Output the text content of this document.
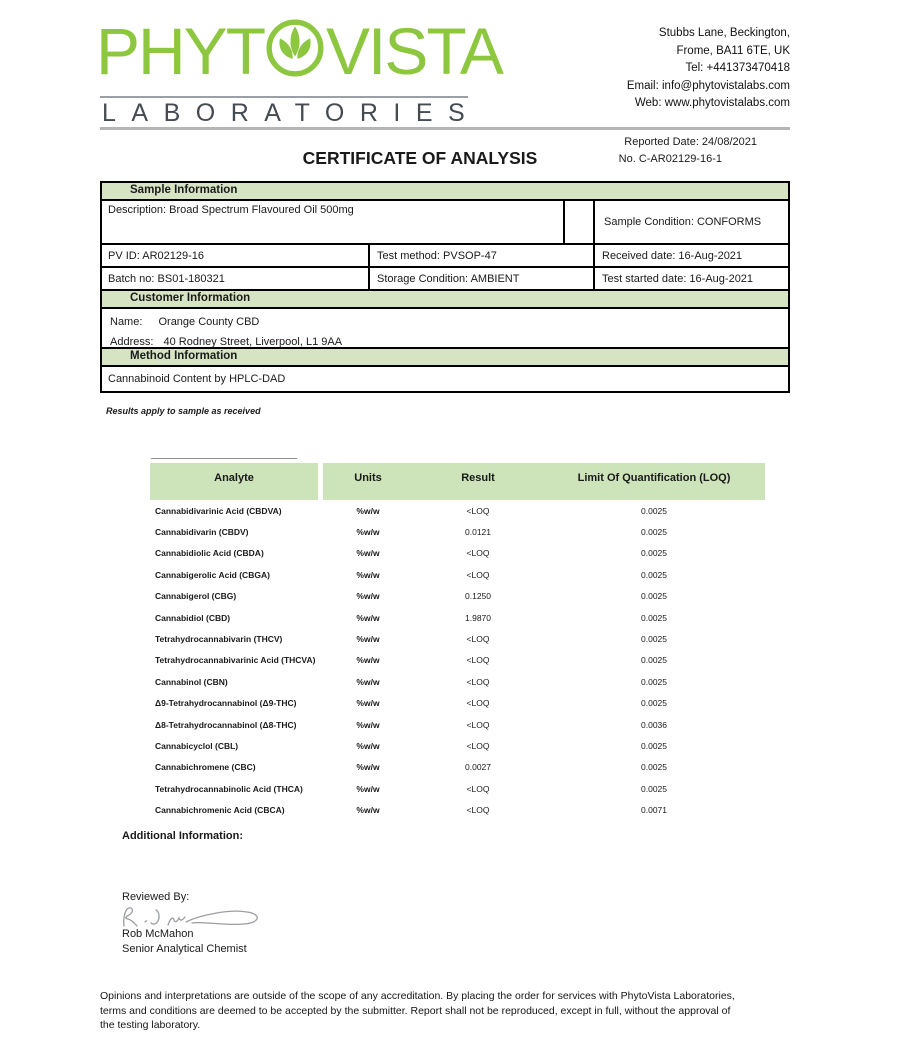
PHYT VISTA
LABORATORIES
Stubbs Lane, Beckington,
Frome, BA11 6TE, UK
Tel: +441373470418
Email: info@phytovistalabs.com
Web: www.phytovistalabs.com
Reported Date: 24/08/2021
No. C-AR02129-16-1
CERTIFICATE OF ANALYSIS
Sample Information
Description: Broad Spectrum Flavoured Oil 500mg
Sample Condition: CONFORMS
PV ID: AR02129-16	Test method: PVSOP-47	Received date: 16-Aug-2021
Batch no: BS01-180321	Storage Condition: AMBIENT	Test started date: 16-Aug-2021
Customer Information
Name: Orange County CBD
Address: 40 Rodney Street, Liverpool, L1 9AA
Method Information
Cannabinoid Content by HPLC-DAD
Results apply to sample as received
Analyte	Units	Result	Limit Of Quantification (LOQ)
Cannabidivarinic Acid (CBDVA)	%w/w	<LOQ	0.0025
Cannabidivarin (CBDV)	%w/w	0.0121	0.0025
Cannabidiolic Acid (CBDA)	%w/w	<LOQ	0.0025
Cannabigerolic Acid (CBGA)	%w/w	<LOQ	0.0025
Cannabigerol (CBG)	%w/w	0.1250	0.0025
Cannabidiol (CBD)	%w/w	1.9870	0.0025
Tetrahydrocannabivarin (THCV)	%w/w	<LOQ	0.0025
Tetrahydrocannabivarinic Acid (THCVA)	%w/w	<LOQ	0.0025
Cannabinol (CBN)	%w/w	<LOQ	0.0025
Δ9-Tetrahydrocannabinol (Δ9-THC)	%w/w	<LOQ	0.0025
Δ8-Tetrahydrocannabinol (Δ8-THC)	%w/w	<LOQ	0.0036
Cannabicyclol (CBL)	%w/w	<LOQ	0.0025
Cannabichromene (CBC)	%w/w	0.0027	0.0025
Tetrahydrocannabinolic Acid (THCA)	%w/w	<LOQ	0.0025
Cannabichromenic Acid (CBCA)	%w/w	<LOQ	0.0071
Additional Information:
Reviewed By:
Rob McMahon
Senior Analytical Chemist
Opinions and interpretations are outside of the scope of any accreditation. By placing the order for services with PhytoVista Laboratories,
terms and conditions are deemed to be accepted by the submitter. Report shall not be reproduced, except in full, without the approval of
the testing laboratory.
